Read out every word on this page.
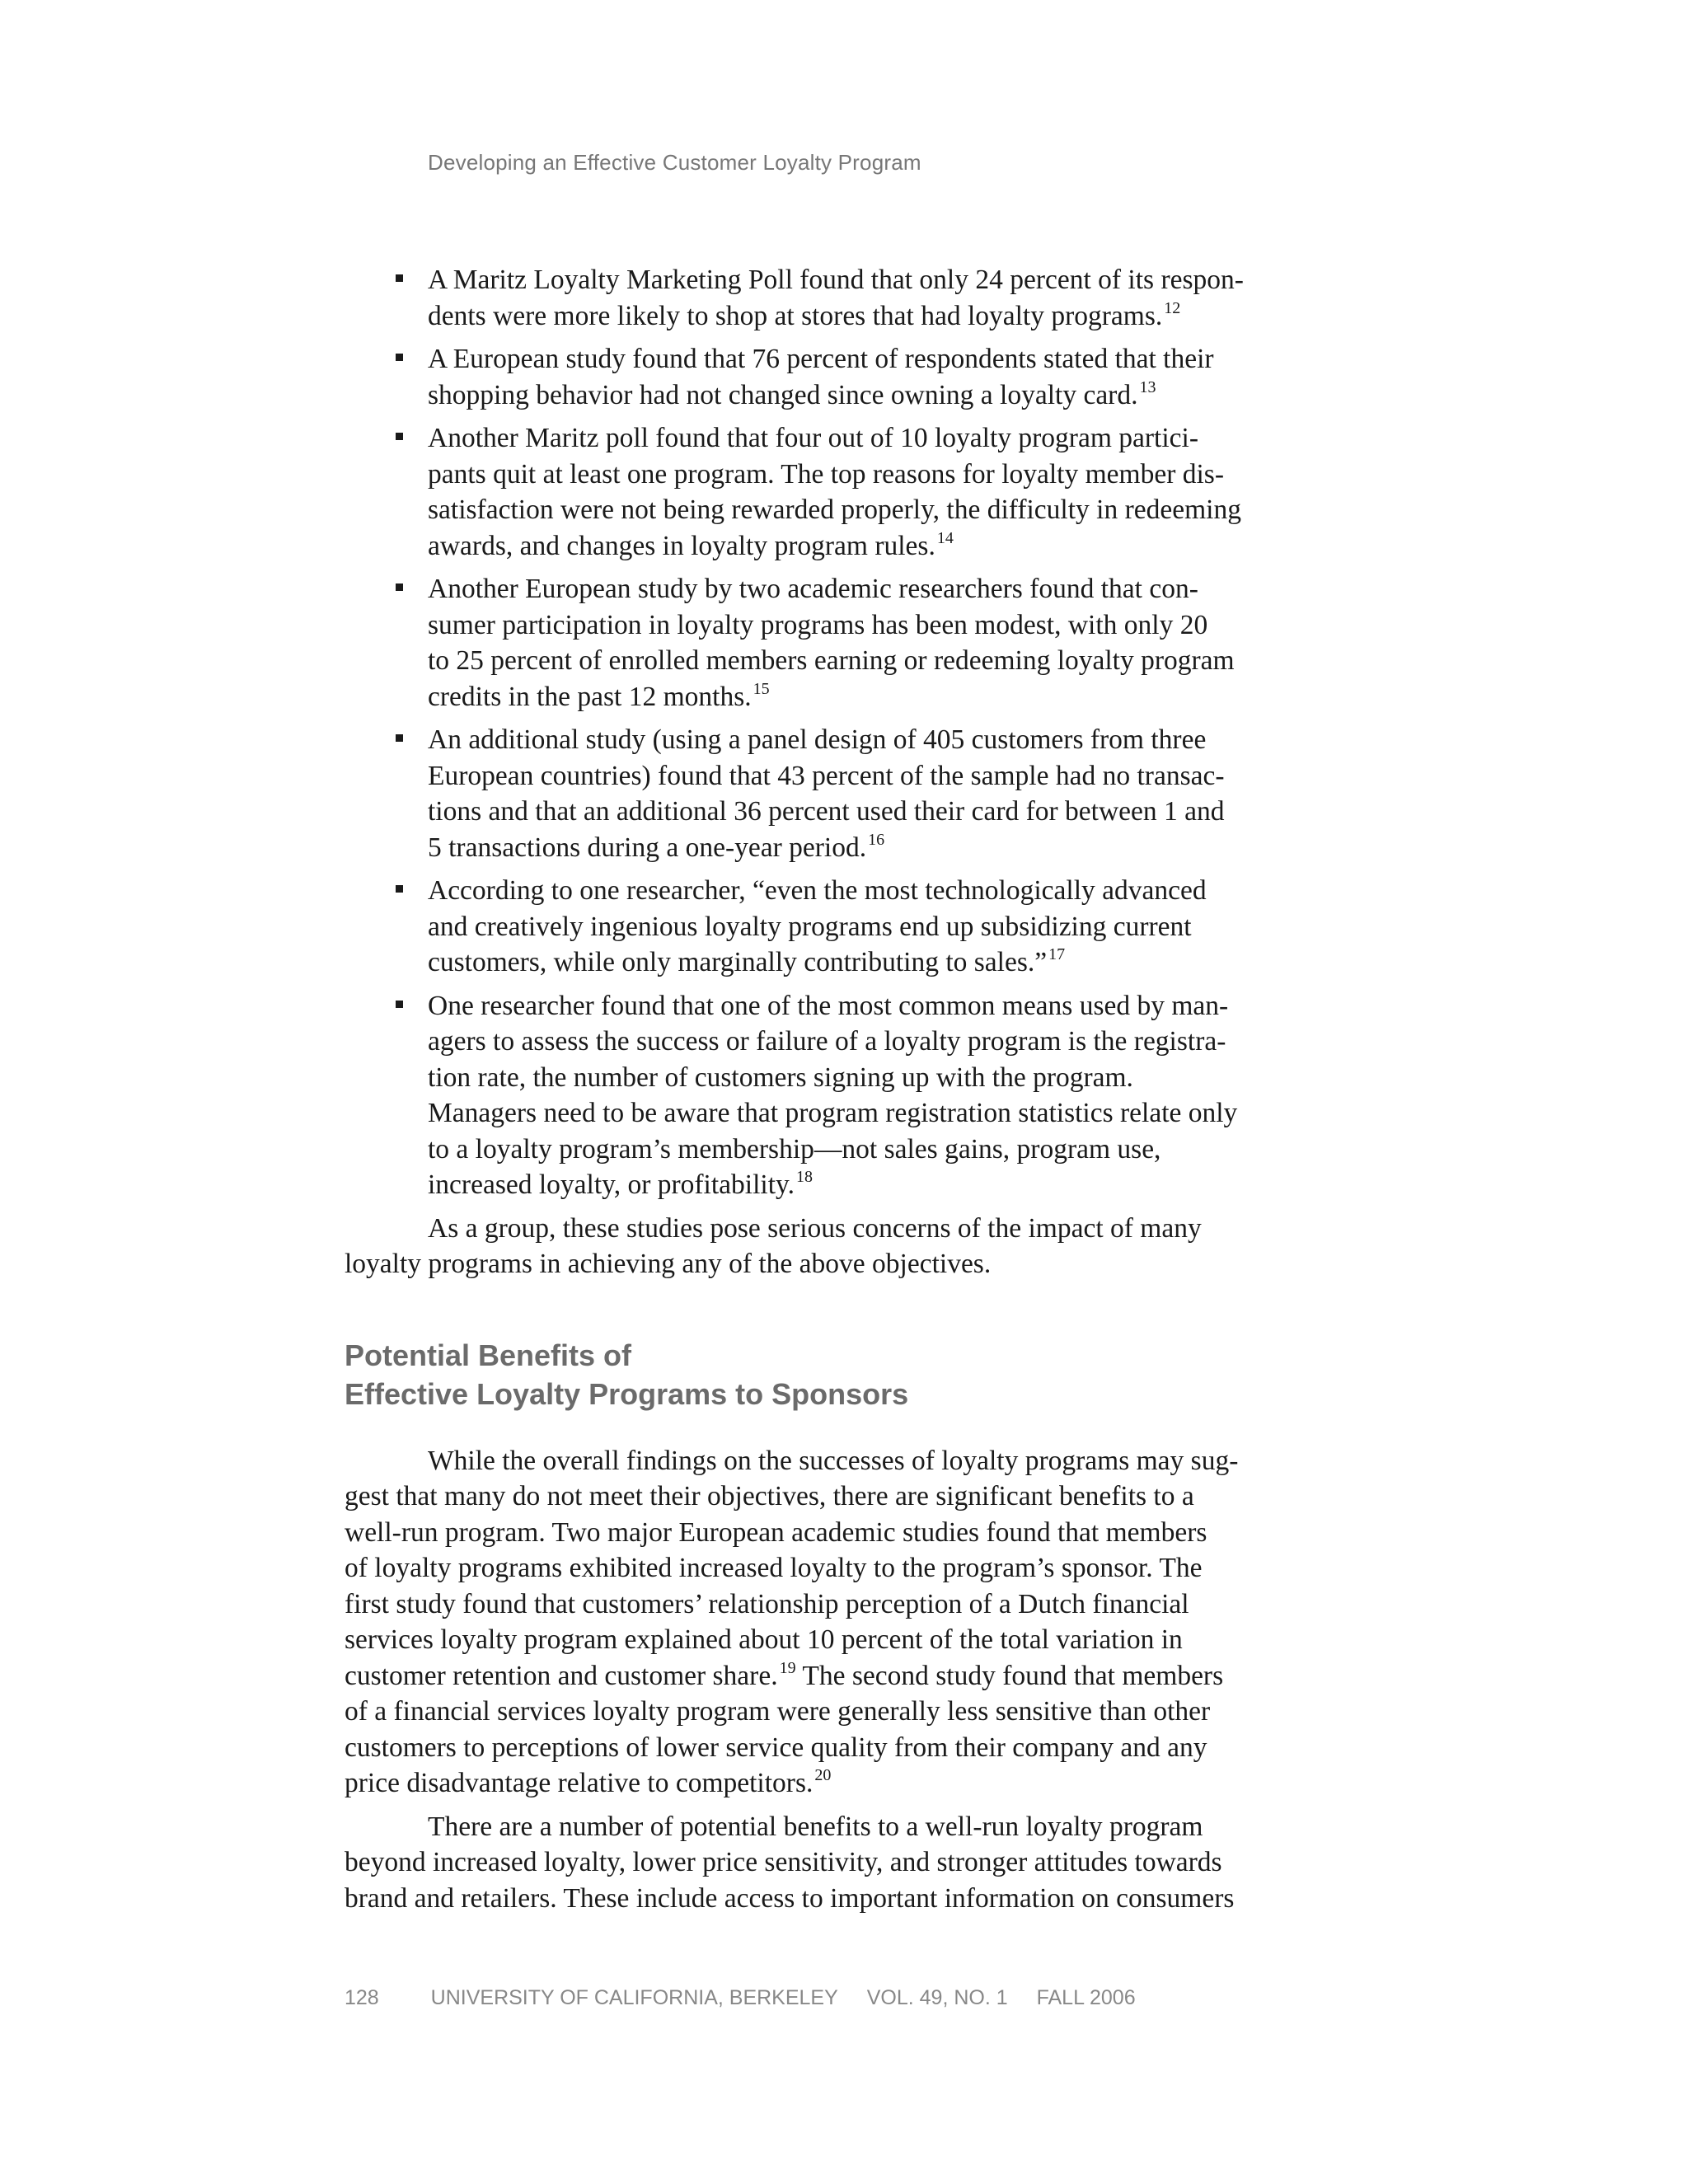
Developing an Effective Customer Loyalty Program
A Maritz Loyalty Marketing Poll found that only 24 percent of its respon-
dents were more likely to shop at stores that had loyalty programs. $^{12}$
A European study found that 76 percent of respondents stated that their
shopping behavior had not changed since owning a loyalty card. $^{13}$
Another Maritz poll found that four out of 10 loyalty program partici-
pants quit at least one program. The top reasons for loyalty member dis-
satisfaction were not being rewarded properly, the difficulty in redeeming
awards, and changes in loyalty program rules. $^{14}$
Another European study by two academic researchers found that con-
sumer participation in loyalty programs has been modest, with only 20
to 25 percent of enrolled members earning or redeeming loyalty program
credits in the past 12 months. $^{15}$
An additional study (using a panel design of 405 customers from three
European countries) found that 43 percent of the sample had no transac-
tions and that an additional 36 percent used their card for between 1 and
5 transactions during a one-year period. $^{16}$
According to one researcher, “even the most technologically advanced
and creatively ingenious loyalty programs end up subsidizing current
customers, while only marginally contributing to sales.” $^{17}$
One researcher found that one of the most common means used by man-
agers to assess the success or failure of a loyalty program is the registra-
tion rate, the number of customers signing up with the program.
Managers need to be aware that program registration statistics relate only
to a loyalty program’s membership—not sales gains, program use,
increased loyalty, or profitability. $^{18}$

As a group, these studies pose serious concerns of the impact of many
loyalty programs in achieving any of the above objectives.

Potential Benefits of
Effective Loyalty Programs to Sponsors

While the overall findings on the successes of loyalty programs may sug-
gest that many do not meet their objectives, there are significant benefits to a
well-run program. Two major European academic studies found that members
of loyalty programs exhibited increased loyalty to the program’s sponsor. The
first study found that customers’ relationship perception of a Dutch financial
services loyalty program explained about 10 percent of the total variation in
customer retention and customer share. $^{19}$ The second study found that members
of a financial services loyalty program were generally less sensitive than other
customers to perceptions of lower service quality from their company and any
price disadvantage relative to competitors. $^{20}$

There are a number of potential benefits to a well-run loyalty program
beyond increased loyalty, lower price sensitivity, and stronger attitudes towards
brand and retailers. These include access to important information on consumers

128	UNIVERSITY OF CALIFORNIA, BERKELEY VOL. 49, NO. 1 FALL 2006
